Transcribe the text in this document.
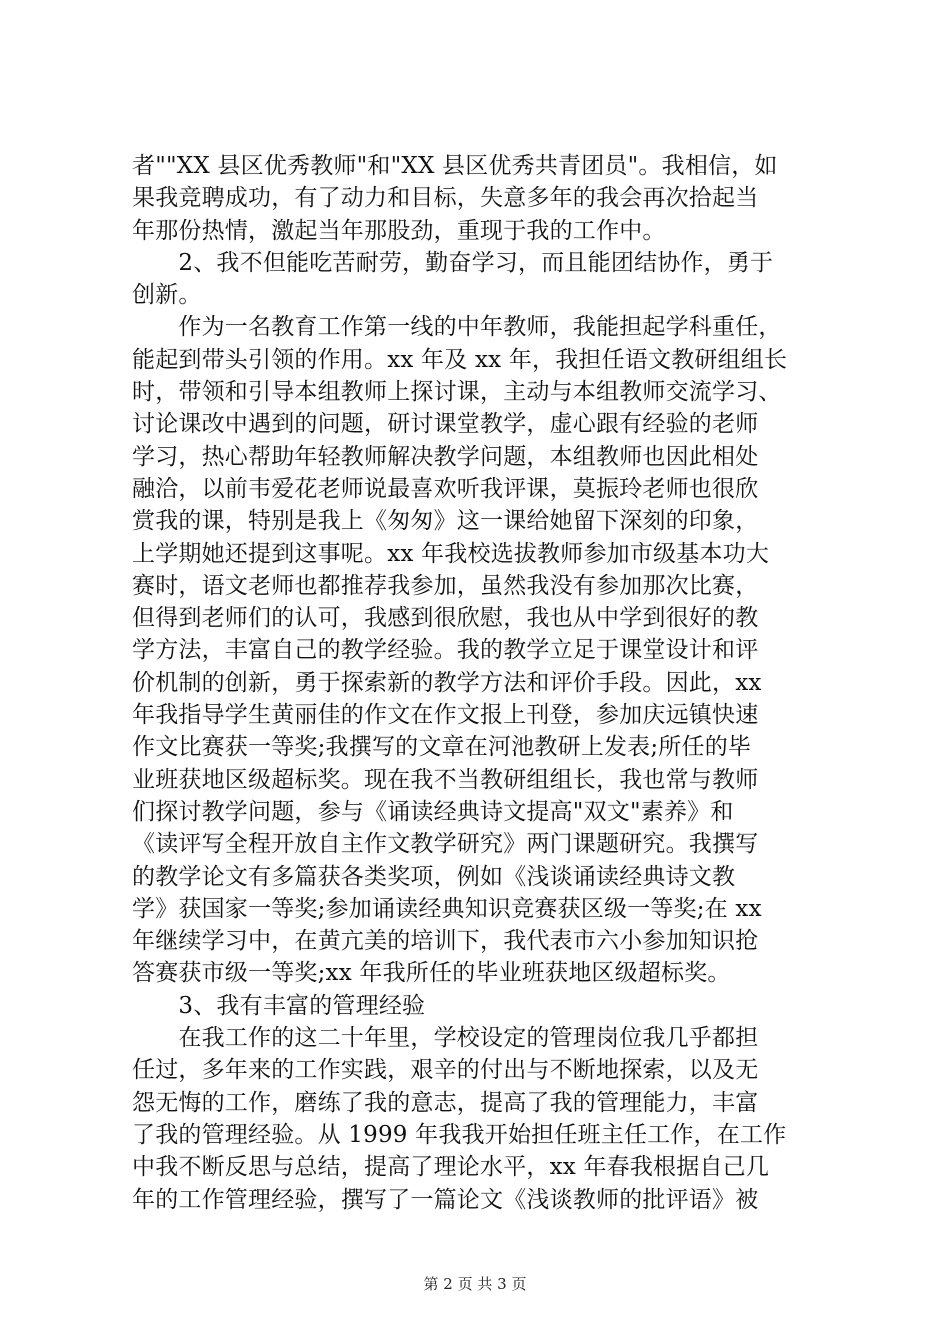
者""XX 县区优秀教师"和"XX 县区优秀共青团员"。我相信，如
果我竞聘成功，有了动力和目标，失意多年的我会再次拾起当
年那份热情，激起当年那股劲，重现于我的工作中。
　　2、我不但能吃苦耐劳，勤奋学习，而且能团结协作，勇于
创新。
　　作为一名教育工作第一线的中年教师，我能担起学科重任，
能起到带头引领的作用。xx 年及 xx 年，我担任语文教研组组长
时，带领和引导本组教师上探讨课，主动与本组教师交流学习、
讨论课改中遇到的问题，研讨课堂教学，虚心跟有经验的老师
学习，热心帮助年轻教师解决教学问题，本组教师也因此相处
融洽，以前韦爱花老师说最喜欢听我评课，莫振玲老师也很欣
赏我的课，特别是我上《匆匆》这一课给她留下深刻的印象，
上学期她还提到这事呢。xx 年我校选拔教师参加市级基本功大
赛时，语文老师也都推荐我参加，虽然我没有参加那次比赛，
但得到老师们的认可，我感到很欣慰，我也从中学到很好的教
学方法，丰富自己的教学经验。我的教学立足于课堂设计和评
价机制的创新，勇于探索新的教学方法和评价手段。因此，xx
年我指导学生黄丽佳的作文在作文报上刊登，参加庆远镇快速
作文比赛获一等奖;我撰写的文章在河池教研上发表;所任的毕
业班获地区级超标奖。现在我不当教研组组长，我也常与教师
们探讨教学问题，参与《诵读经典诗文提高"双文"素养》和
《读评写全程开放自主作文教学研究》两门课题研究。我撰写
的教学论文有多篇获各类奖项，例如《浅谈诵读经典诗文教
学》获国家一等奖;参加诵读经典知识竞赛获区级一等奖;在 xx
年继续学习中，在黄亢美的培训下，我代表市六小参加知识抢
答赛获市级一等奖;xx 年我所任的毕业班获地区级超标奖。
　　3、我有丰富的管理经验
　　在我工作的这二十年里，学校设定的管理岗位我几乎都担
任过，多年来的工作实践，艰辛的付出与不断地探索，以及无
怨无悔的工作，磨练了我的意志，提高了我的管理能力，丰富
了我的管理经验。从 1999 年我我开始担任班主任工作，在工作
中我不断反思与总结，提高了理论水平，xx 年春我根据自己几
年的工作管理经验，撰写了一篇论文《浅谈教师的批评语》被
第 2 页 共 3 页
